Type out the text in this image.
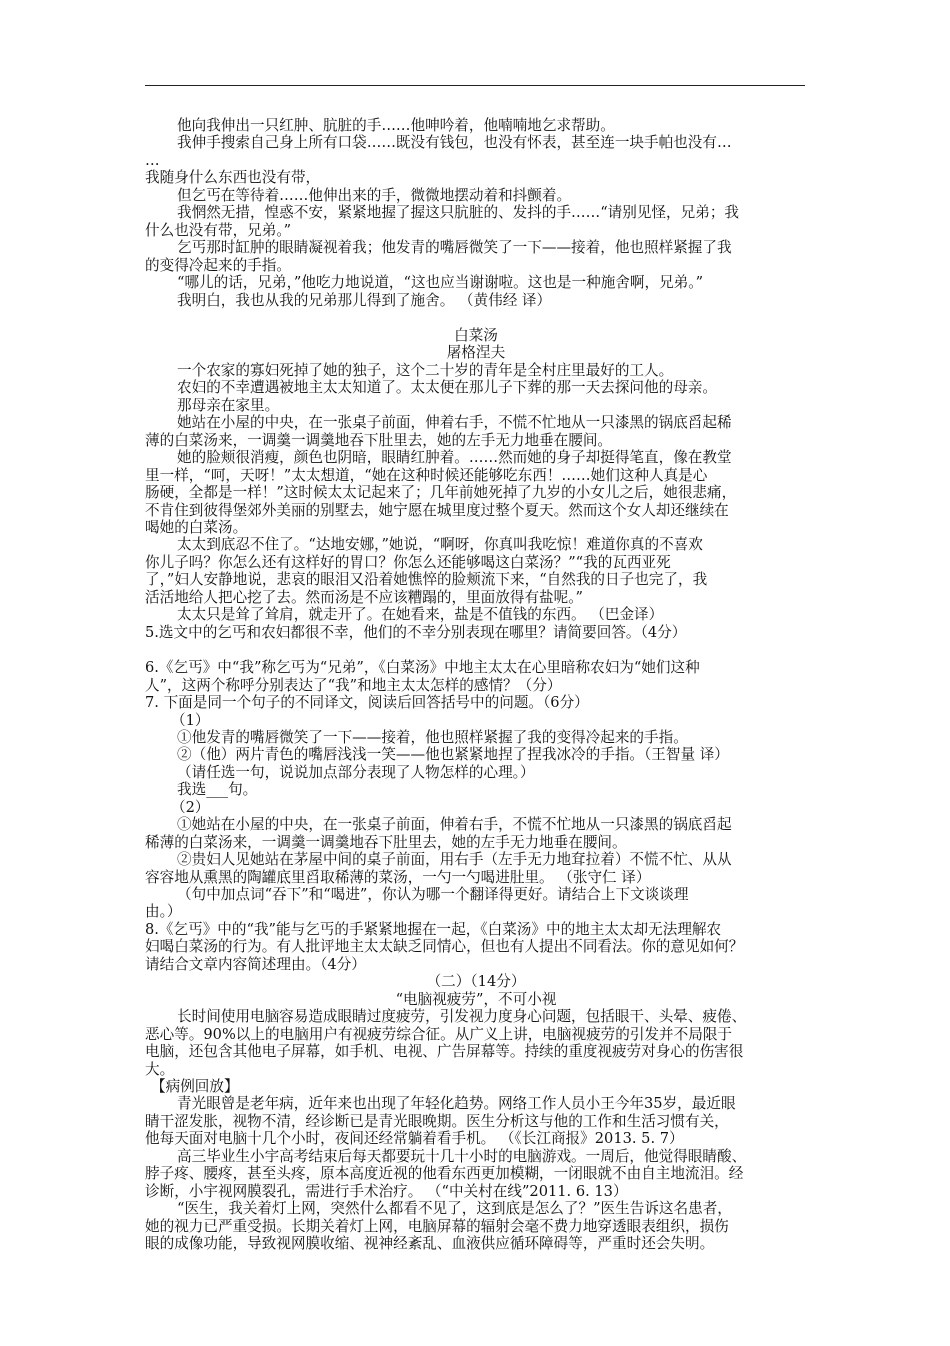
他向我伸出一只红肿、肮脏的手……他呻吟着，他喃喃地乞求帮助。

我伸手搜索自己身上所有口袋……既没有钱包，也没有怀表，甚至连一块手帕也没有…

…

我随身什么东西也没有带，

但乞丐在等待着……他伸出来的手，微微地摆动着和抖颤着。

我惘然无措，惶惑不安，紧紧地握了握这只肮脏的、发抖的手……“请别见怪，兄弟；我

什么也没有带，兄弟。”

乞丐那时缸肿的眼睛凝视着我；他发青的嘴唇微笑了一下——接着，他也照样紧握了我

的变得冷起来的手指。

“哪儿的话，兄弟，”他吃力地说道，“这也应当谢谢啦。这也是一种施舍啊，兄弟。”

我明白，我也从我的兄弟那儿得到了施舍。 （黄伟经 译）

白菜汤

屠格涅夫

一个农家的寡妇死掉了她的独子，这个二十岁的青年是全村庄里最好的工人。

农妇的不幸遭遇被地主太太知道了。太太便在那儿子下葬的那一天去探问他的母亲。

那母亲在家里。

她站在小屋的中央，在一张桌子前面，伸着右手，不慌不忙地从一只漆黑的锅底舀起稀

薄的白菜汤来，一调羹一调羹地吞下肚里去，她的左手无力地垂在腰间。

她的脸颊很消瘦，颜色也阴暗，眼睛红肿着。……然而她的身子却挺得笔直，像在教堂

里一样，“呵，天呀！”太太想道，“她在这种时候还能够吃东西！……她们这种人真是心

肠硬，全都是一样！”这时候太太记起来了；几年前她死掉了九岁的小女儿之后，她很悲痛，

不肯住到彼得堡郊外美丽的别墅去，她宁愿在城里度过整个夏天。然而这个女人却还继续在

喝她的白菜汤。

太太到底忍不住了。“达地安娜，”她说，“啊呀，你真叫我吃惊！难道你真的不喜欢

你儿子吗？你怎么还有这样好的胃口？你怎么还能够喝这白菜汤？”“我的瓦西亚死

了，”妇人安静地说，悲哀的眼泪又沿着她憔悴的脸颊流下来，“自然我的日子也完了，我

活活地给人把心挖了去。然而汤是不应该糟蹋的，里面放得有盐呢。”

太太只是耸了耸肩，就走开了。在她看来，盐是不值钱的东西。 （巴金译）

5.选文中的乞丐和农妇都很不幸，他们的不幸分别表现在哪里？请简要回答。（4分）

6.《乞丐》中“我”称乞丐为“兄弟”，《白菜汤》中地主太太在心里暗称农妇为“她们这种

人”，这两个称呼分别表达了“我”和地主太太怎样的感情？（分）

7. 下面是同一个句子的不同译文，阅读后回答括号中的问题。（6分）

（1）

①他发青的嘴唇微笑了一下——接着，他也照样紧握了我的变得冷起来的手指。

②（他）两片青色的嘴唇浅浅一笑——他也紧紧地捏了捏我冰冷的手指。（王智量 译）

（请任选一句，说说加点部分表现了人物怎样的心理。）

我选___句。

（2）

①她站在小屋的中央，在一张桌子前面，伸着右手，不慌不忙地从一只漆黑的锅底舀起

稀薄的白菜汤来，一调羹一调羹地吞下肚里去，她的左手无力地垂在腰间。

②贵妇人见她站在茅屋中间的桌子前面，用右手（左手无力地耷拉着）不慌不忙、从从

容容地从熏黑的陶罐底里舀取稀薄的菜汤，一勺一勺喝进肚里。 （张守仁 译）

（句中加点词“吞下”和“喝进”，你认为哪一个翻译得更好。请结合上下文谈谈理

由。）

8.《乞丐》中的“我”能与乞丐的手紧紧地握在一起，《白菜汤》中的地主太太却无法理解农

妇喝白菜汤的行为。有人批评地主太太缺乏同情心，但也有人提出不同看法。你的意见如何？

请结合文章内容简述理由。（4分）

（二）（14分）

“电脑视疲劳”，不可小视

长时间使用电脑容易造成眼睛过度疲劳，引发视力度身心问题，包括眼干、头晕、疲倦、

恶心等。90%以上的电脑用户有视疲劳综合征。从广义上讲，电脑视疲劳的引发并不局限于

电脑，还包含其他电子屏幕，如手机、电视、广告屏幕等。持续的重度视疲劳对身心的伤害很

大。

【病例回放】

青光眼曾是老年病，近年来也出现了年轻化趋势。网络工作人员小王今年35岁，最近眼

睛干涩发胀，视物不清，经诊断已是青光眼晚期。医生分析这与他的工作和生活习惯有关，

他每天面对电脑十几个小时，夜间还经常躺着看手机。 （《长江商报》2013. 5. 7）

高三毕业生小宇高考结束后每天都要玩十几十小时的电脑游戏。一周后，他觉得眼睛酸、

脖子疼、腰疼，甚至头疼，原本高度近视的他看东西更加模糊，一闭眼就不由自主地流泪。经

诊断，小宇视网膜裂孔，需进行手术治疗。 （“中关村在线”2011. 6. 13）

“医生，我关着灯上网，突然什么都看不见了，这到底是怎么了？”医生告诉这名患者，

她的视力已严重受损。长期关着灯上网，电脑屏幕的辐射会毫不费力地穿透眼表组织，损伤

眼的成像功能，导致视网膜收缩、视神经紊乱、血液供应循环障碍等，严重时还会失明。
